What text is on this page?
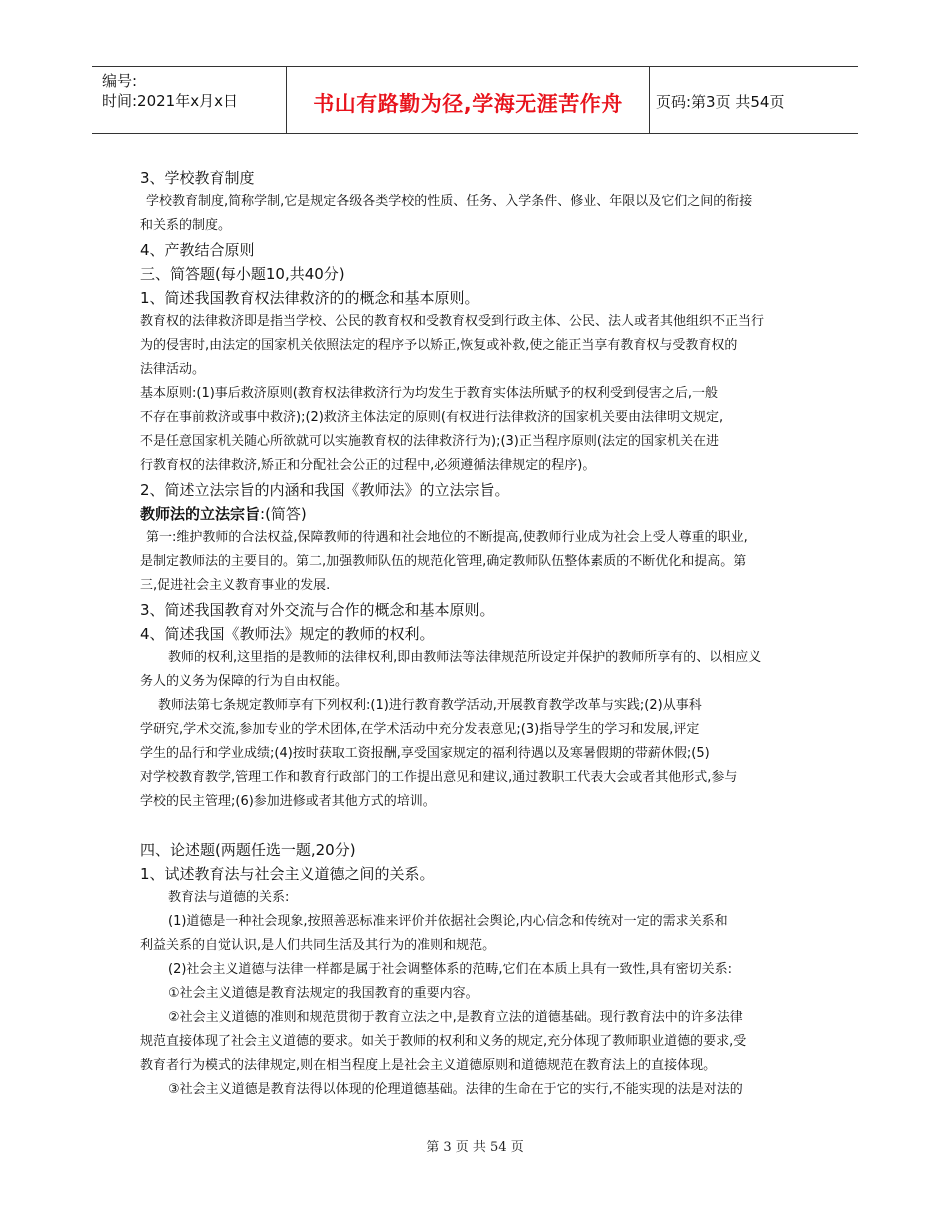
编号:
时间:2021年x月x日	书山有路勤为径,学海无涯苦作舟	页码:第3页 共54页
3、学校教育制度
学校教育制度,简称学制,它是规定各级各类学校的性质、任务、入学条件、修业、年限以及它们之间的衔接
和关系的制度。
4、产教结合原则
三、简答题(每小题10,共40分)
1、简述我国教育权法律救济的的概念和基本原则。
教育权的法律救济即是指当学校、公民的教育权和受教育权受到行政主体、公民、法人或者其他组织不正当行
为的侵害时,由法定的国家机关依照法定的程序予以矫正,恢复或补救,使之能正当享有教育权与受教育权的
法律活动。
基本原则:(1)事后救济原则(教育权法律救济行为均发生于教育实体法所赋予的权利受到侵害之后,一般
不存在事前救济或事中救济);(2)救济主体法定的原则(有权进行法律救济的国家机关要由法律明文规定,
不是任意国家机关随心所欲就可以实施教育权的法律救济行为);(3)正当程序原则(法定的国家机关在进
行教育权的法律救济,矫正和分配社会公正的过程中,必须遵循法律规定的程序)。
2、简述立法宗旨的内涵和我国《教师法》的立法宗旨。
教师法的立法宗旨:(简答)
第一:维护教师的合法权益,保障教师的待遇和社会地位的不断提高,使教师行业成为社会上受人尊重的职业,
是制定教师法的主要目的。第二,加强教师队伍的规范化管理,确定教师队伍整体素质的不断优化和提高。第
三,促进社会主义教育事业的发展.
3、简述我国教育对外交流与合作的概念和基本原则。
4、简述我国《教师法》规定的教师的权利。
教师的权利,这里指的是教师的法律权利,即由教师法等法律规范所设定并保护的教师所享有的、以相应义
务人的义务为保障的行为自由权能。
教师法第七条规定教师享有下列权利:(1)进行教育教学活动,开展教育教学改革与实践;(2)从事科
学研究,学术交流,参加专业的学术团体,在学术活动中充分发表意见;(3)指导学生的学习和发展,评定
学生的品行和学业成绩;(4)按时获取工资报酬,享受国家规定的福利待遇以及寒暑假期的带薪休假;(5)
对学校教育教学,管理工作和教育行政部门的工作提出意见和建议,通过教职工代表大会或者其他形式,参与
学校的民主管理;(6)参加进修或者其他方式的培训。
四、论述题(两题任选一题,20分)
1、试述教育法与社会主义道德之间的关系。
教育法与道德的关系:
(1)道德是一种社会现象,按照善恶标准来评价并依据社会舆论,内心信念和传统对一定的需求关系和
利益关系的自觉认识,是人们共同生活及其行为的准则和规范。
(2)社会主义道德与法律一样都是属于社会调整体系的范畴,它们在本质上具有一致性,具有密切关系:
①社会主义道德是教育法规定的我国教育的重要内容。
②社会主义道德的准则和规范贯彻于教育立法之中,是教育立法的道德基础。现行教育法中的许多法律
规范直接体现了社会主义道德的要求。如关于教师的权利和义务的规定,充分体现了教师职业道德的要求,受
教育者行为模式的法律规定,则在相当程度上是社会主义道德原则和道德规范在教育法上的直接体现。
③社会主义道德是教育法得以体现的伦理道德基础。法律的生命在于它的实行,不能实现的法是对法的
第 3 页 共 54 页
